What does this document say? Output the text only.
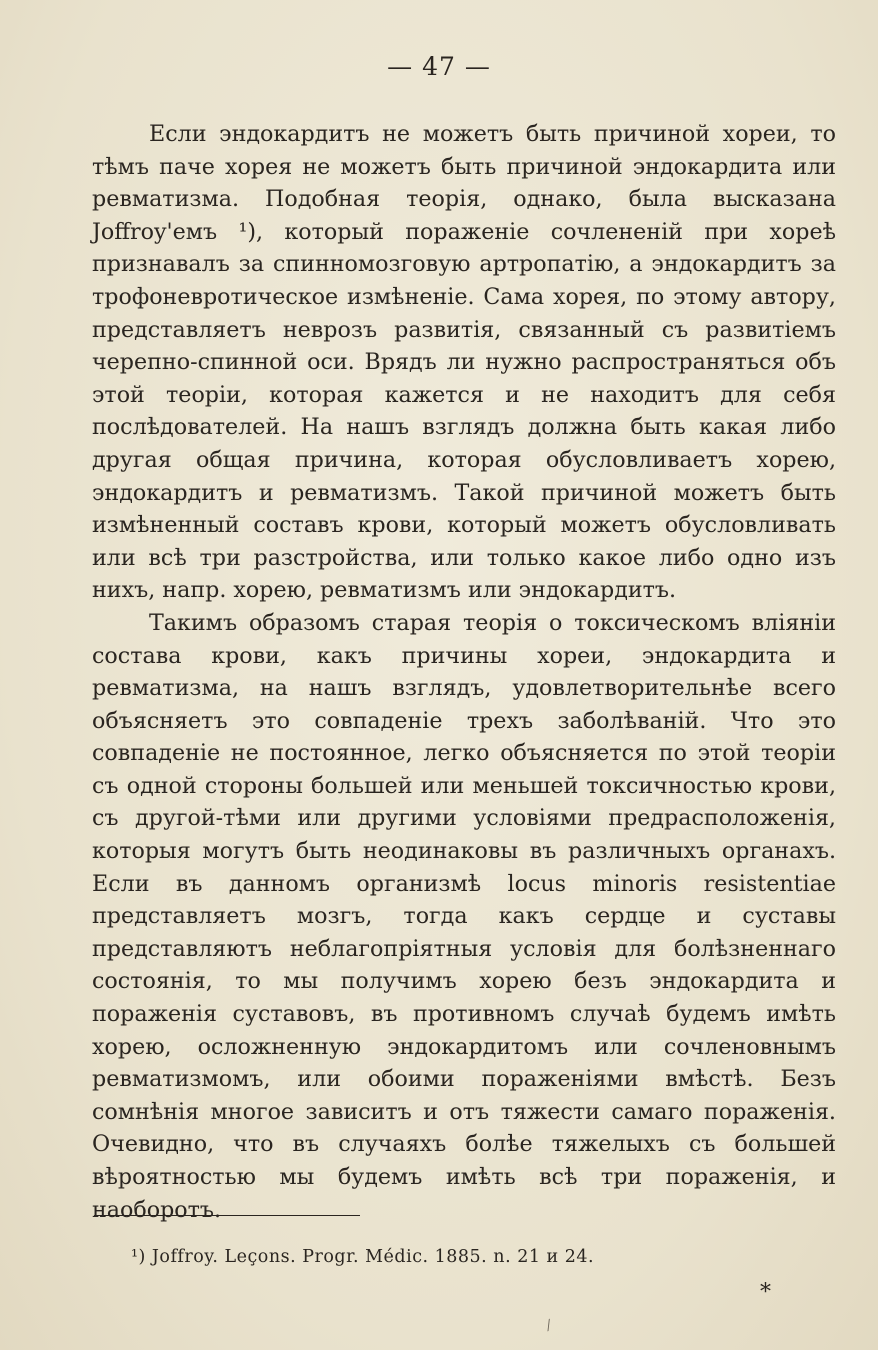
— 47 —

Если эндокардитъ не можетъ быть причиной хореи, то тѣмъ паче хорея не можетъ быть причиной эндокардита или ревматизма. Подобная теорія, однако, была высказана Joffroy'емъ ¹), который пораженіе сочлененій при хореѣ признавалъ за спинномозговую артропатію, а эндокардитъ за трофоневротическое измѣненіе. Сама хорея, по этому автору, представляетъ неврозъ развитія, связанный съ развитіемъ черепно-спинной оси. Врядъ ли нужно распространяться объ этой теоріи, которая кажется и не находитъ для себя послѣдователей. На нашъ взглядъ должна быть какая либо другая общая причина, которая обусловливаетъ хорею, эндокардитъ и ревматизмъ. Такой причиной можетъ быть измѣненный составъ крови, который можетъ обусловливать или всѣ три разстройства, или только какое либо одно изъ нихъ, напр. хорею, ревматизмъ или эндокардитъ.

Такимъ образомъ старая теорія о токсическомъ вліяніи состава крови, какъ причины хореи, эндокардита и ревматизма, на нашъ взглядъ, удовлетворительнѣе всего объясняетъ это совпаденіе трехъ заболѣваній. Что это совпаденіе не постоянное, легко объясняется по этой теоріи съ одной стороны большей или меньшей токсичностью крови, съ другой-тѣми или другими условіями предрасположенія, которыя могутъ быть неодинаковы въ различныхъ органахъ. Если въ данномъ организмѣ locus minoris resistentiae представляетъ мозгъ, тогда какъ сердце и суставы представляютъ неблагопріятныя условія для болѣзненнаго состоянія, то мы получимъ хорею безъ эндокардита и пораженія суставовъ, въ противномъ случаѣ будемъ имѣть хорею, осложненную эндокардитомъ или сочленовнымъ ревматизмомъ, или обоими пораженіями вмѣстѣ. Безъ сомнѣнія многое зависитъ и отъ тяжести самаго пораженія. Очевидно, что въ случаяхъ болѣе тяжелыхъ съ большей вѣроятностью мы будемъ имѣть всѣ три пораженія, и наоборотъ.

¹) Joffroy. Leçons. Progr. Médic. 1885. n. 21 и 24.
*
⁄
